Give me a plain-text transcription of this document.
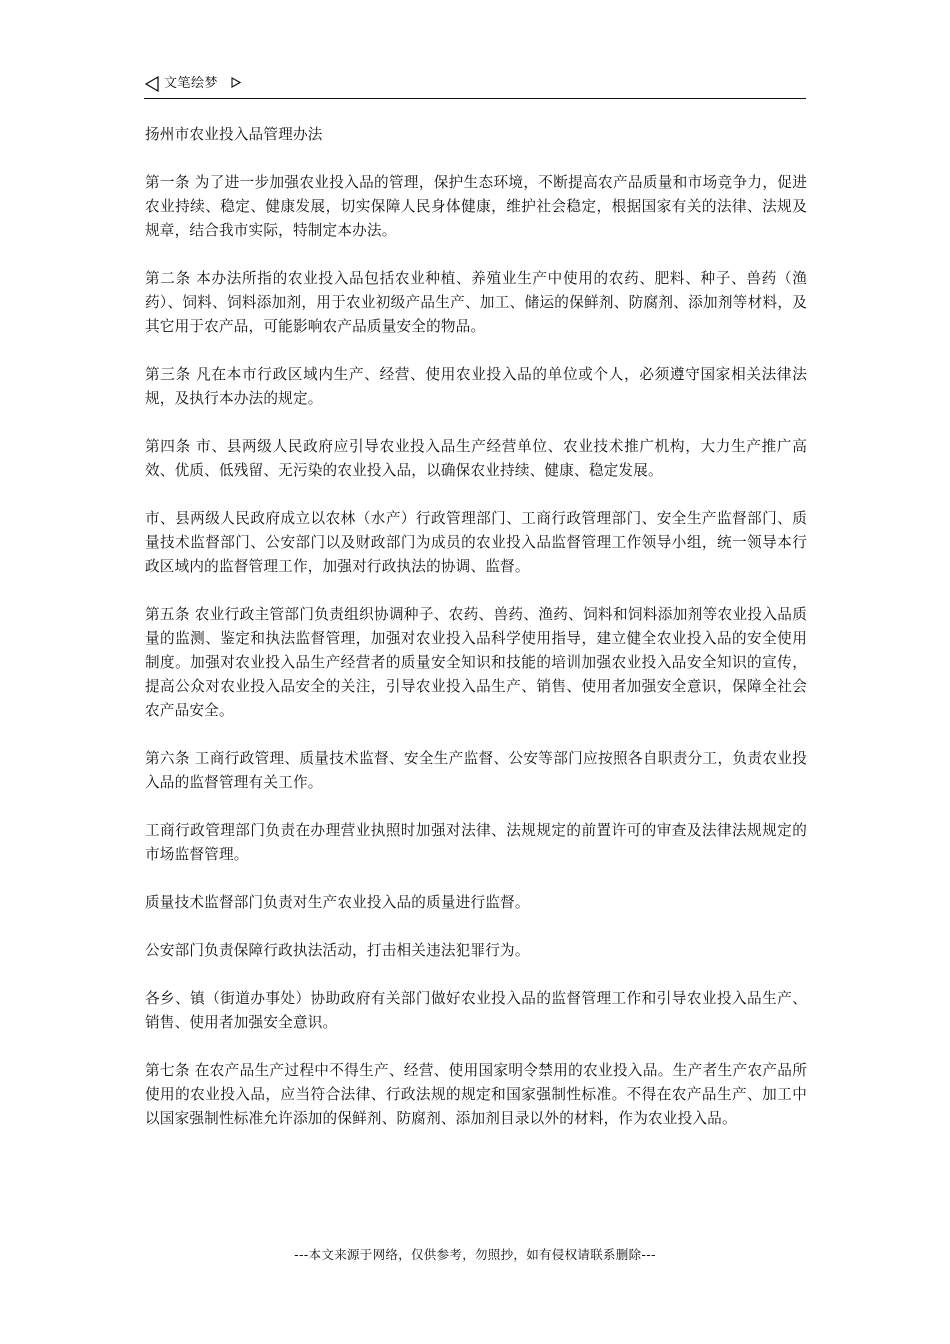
文笔绘梦

扬州市农业投入品管理办法

第一条 为了进一步加强农业投入品的管理，保护生态环境，不断提高农产品质量和市场竞争力，促进农业持续、稳定、健康发展，切实保障人民身体健康，维护社会稳定，根据国家有关的法律、法规及规章，结合我市实际，特制定本办法。

第二条 本办法所指的农业投入品包括农业种植、养殖业生产中使用的农药、肥料、种子、兽药（渔药）、饲料、饲料添加剂，用于农业初级产品生产、加工、储运的保鲜剂、防腐剂、添加剂等材料，及其它用于农产品，可能影响农产品质量安全的物品。

第三条 凡在本市行政区域内生产、经营、使用农业投入品的单位或个人，必须遵守国家相关法律法规，及执行本办法的规定。

第四条 市、县两级人民政府应引导农业投入品生产经营单位、农业技术推广机构，大力生产推广高效、优质、低残留、无污染的农业投入品，以确保农业持续、健康、稳定发展。

市、县两级人民政府成立以农林（水产）行政管理部门、工商行政管理部门、安全生产监督部门、质量技术监督部门、公安部门以及财政部门为成员的农业投入品监督管理工作领导小组，统一领导本行政区域内的监督管理工作，加强对行政执法的协调、监督。

第五条 农业行政主管部门负责组织协调种子、农药、兽药、渔药、饲料和饲料添加剂等农业投入品质量的监测、鉴定和执法监督管理，加强对农业投入品科学使用指导，建立健全农业投入品的安全使用制度。加强对农业投入品生产经营者的质量安全知识和技能的培训加强农业投入品安全知识的宣传，提高公众对农业投入品安全的关注，引导农业投入品生产、销售、使用者加强安全意识，保障全社会农产品安全。

第六条 工商行政管理、质量技术监督、安全生产监督、公安等部门应按照各自职责分工，负责农业投入品的监督管理有关工作。

工商行政管理部门负责在办理营业执照时加强对法律、法规规定的前置许可的审查及法律法规规定的市场监督管理。

质量技术监督部门负责对生产农业投入品的质量进行监督。

公安部门负责保障行政执法活动，打击相关违法犯罪行为。

各乡、镇（街道办事处）协助政府有关部门做好农业投入品的监督管理工作和引导农业投入品生产、销售、使用者加强安全意识。

第七条 在农产品生产过程中不得生产、经营、使用国家明令禁用的农业投入品。生产者生产农产品所使用的农业投入品，应当符合法律、行政法规的规定和国家强制性标准。不得在农产品生产、加工中以国家强制性标准允许添加的保鲜剂、防腐剂、添加剂目录以外的材料，作为农业投入品。

---本文来源于网络，仅供参考，勿照抄，如有侵权请联系删除---
